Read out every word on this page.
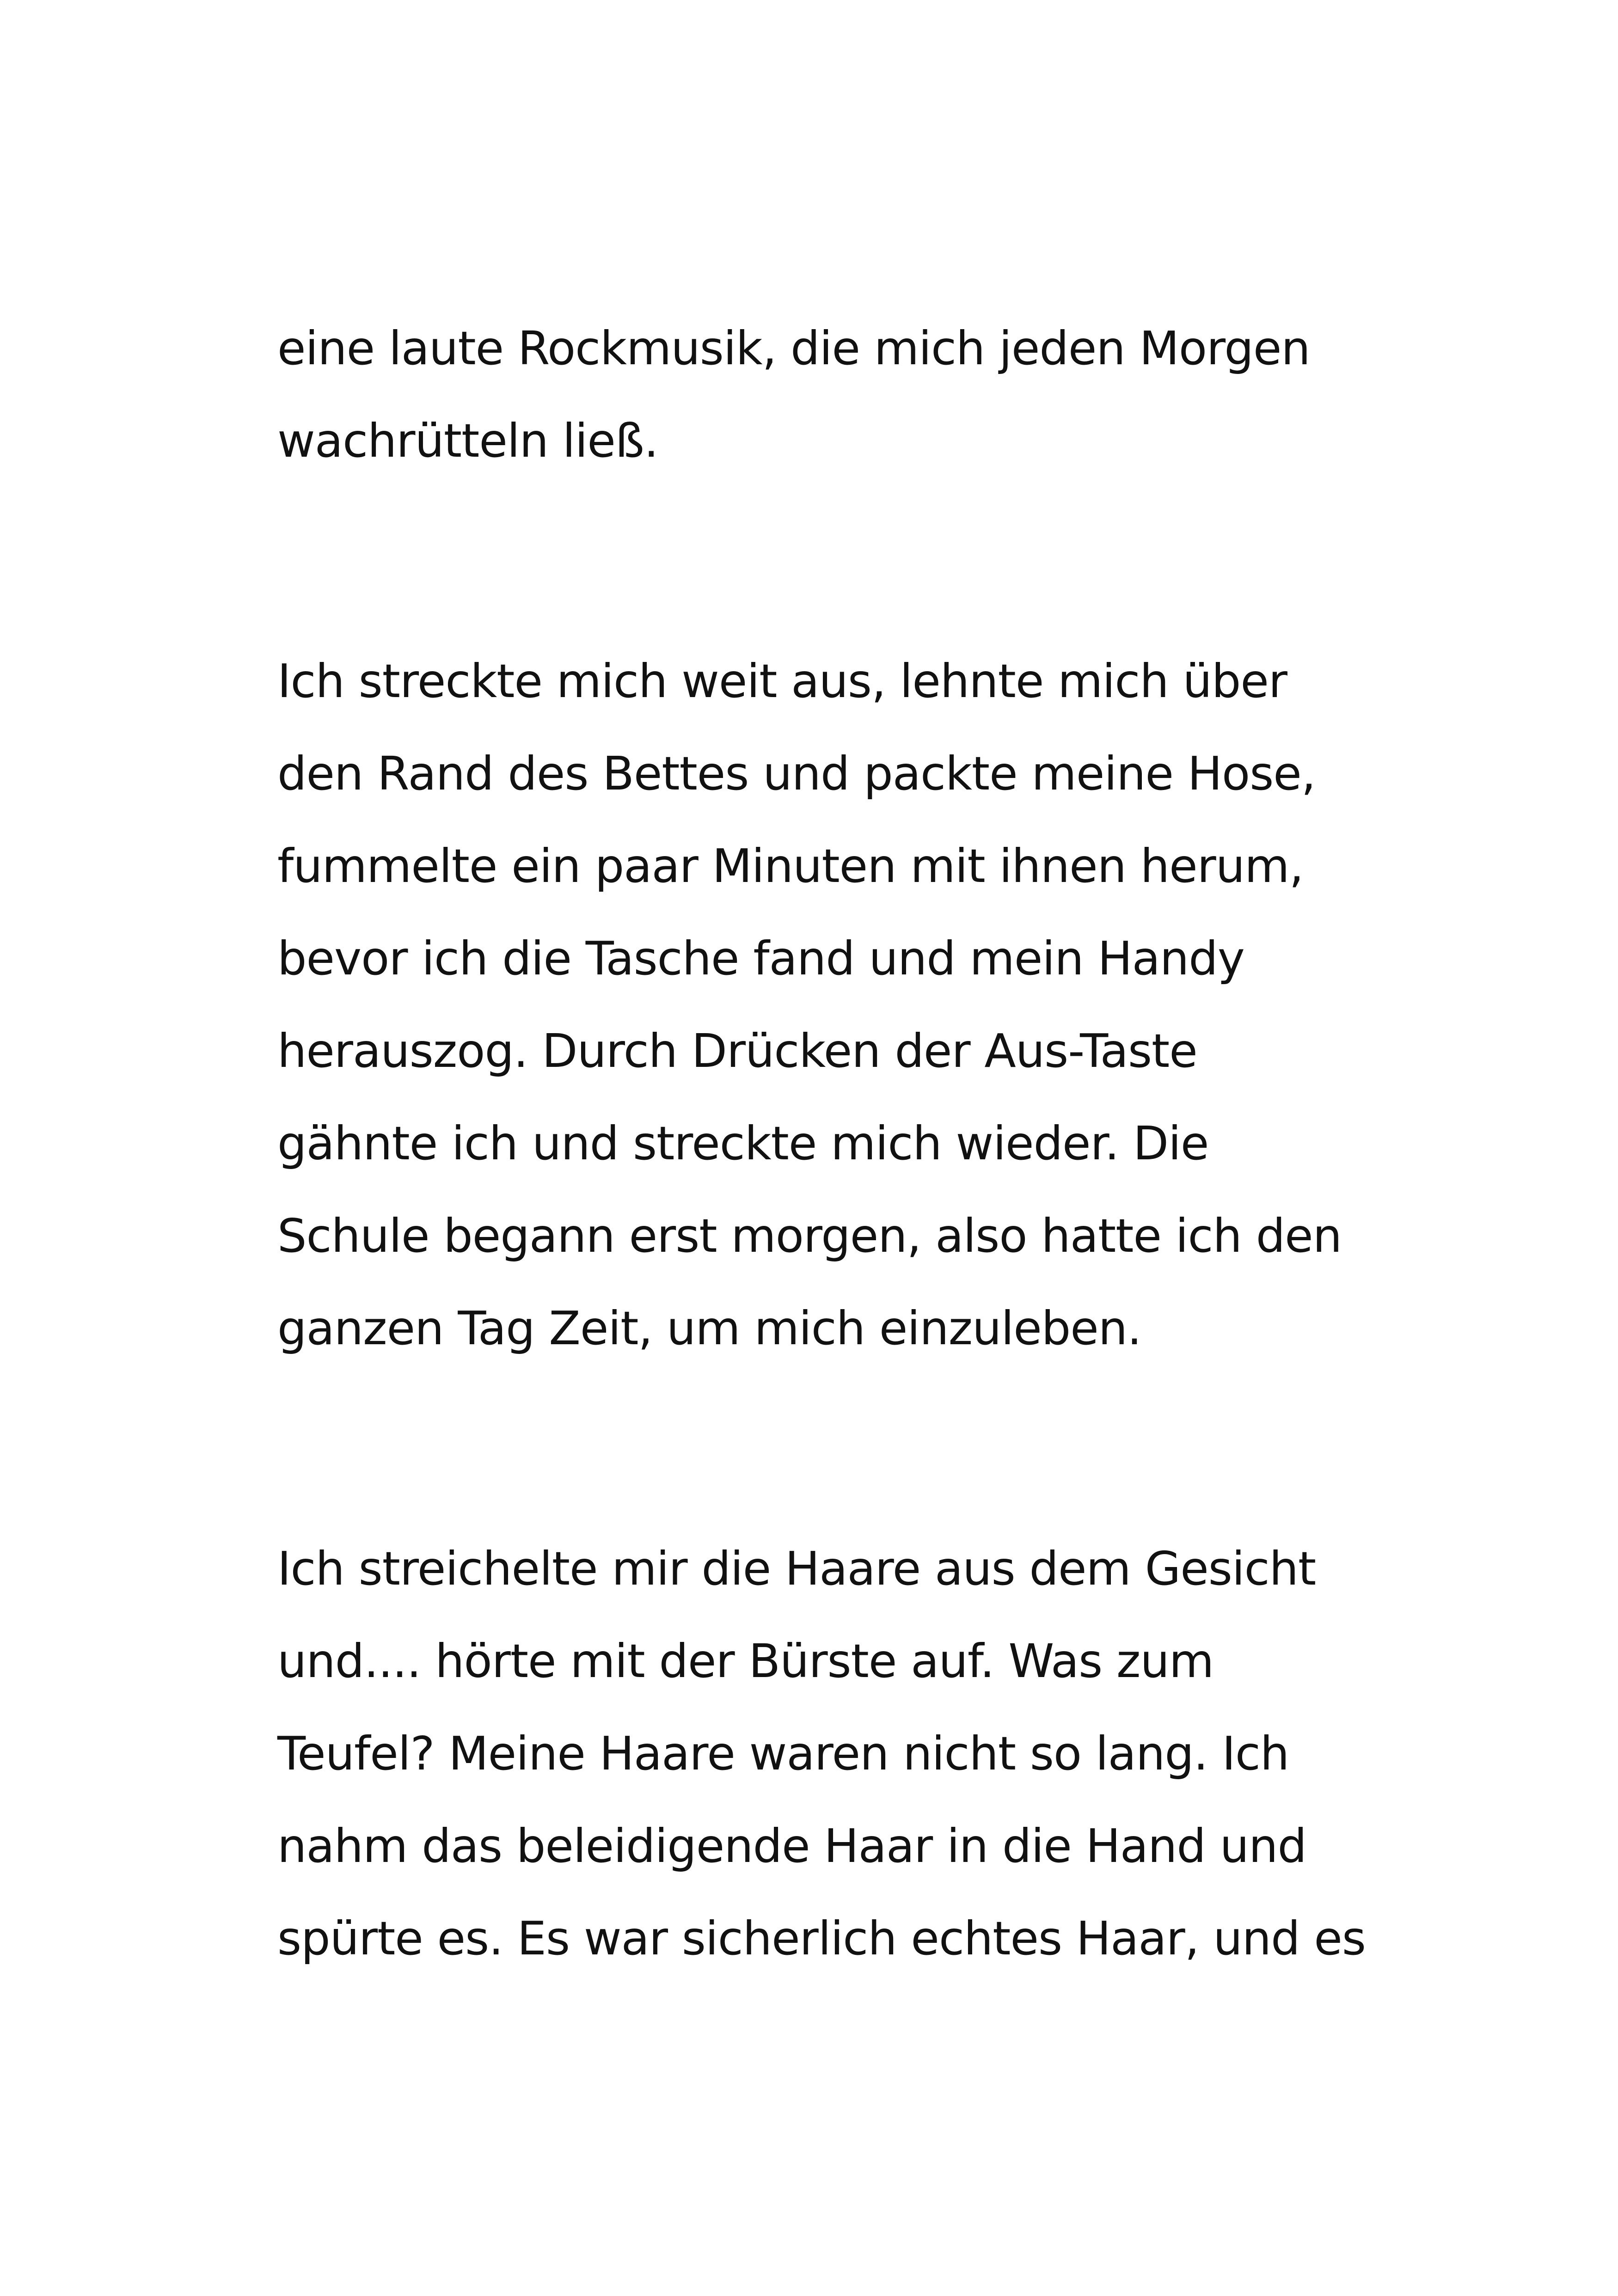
eine laute Rockmusik, die mich jeden Morgen

wachrütteln ließ.

Ich streckte mich weit aus, lehnte mich über

den Rand des Bettes und packte meine Hose,

fummelte ein paar Minuten mit ihnen herum,

bevor ich die Tasche fand und mein Handy

herauszog. Durch Drücken der Aus-Taste

gähnte ich und streckte mich wieder. Die

Schule begann erst morgen, also hatte ich den

ganzen Tag Zeit, um mich einzuleben.

Ich streichelte mir die Haare aus dem Gesicht

und.... hörte mit der Bürste auf. Was zum

Teufel? Meine Haare waren nicht so lang. Ich

nahm das beleidigende Haar in die Hand und

spürte es. Es war sicherlich echtes Haar, und es
